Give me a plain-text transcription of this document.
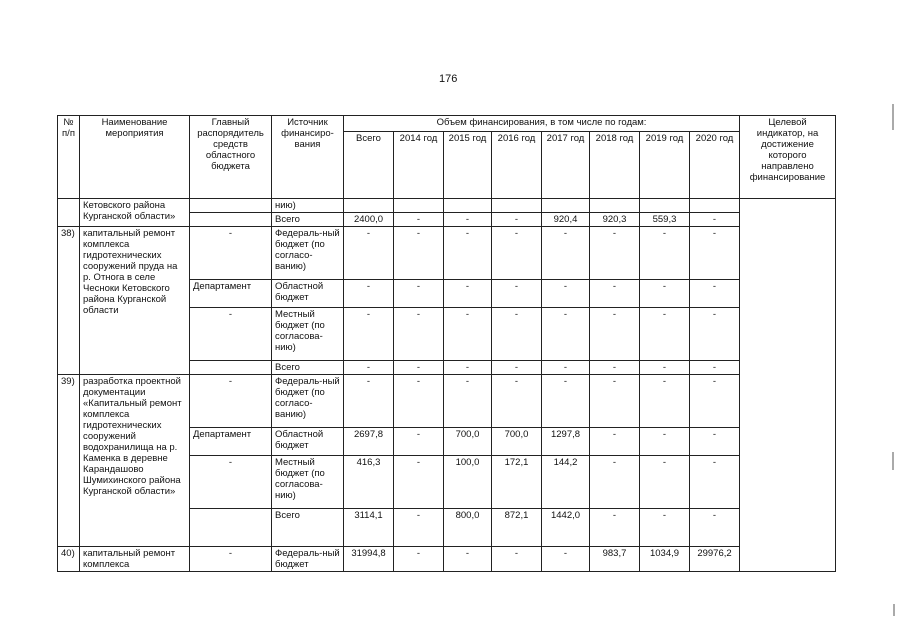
176
№ п/п	Наименование мероприятия	Главный распорядитель средств областного бюджета	Источник финансиро-вания	Объем финансирования, в том числе по годам:								Целевой индикатор, на достижение которого направлено финансирование
				Всего	2014 год	2015 год	2016 год	2017 год	2018 год	2019 год	2020 год	
	Кетовского района Курганской области»		нию)									
			Всего	2400,0	-	-	-	920,4	920,3	559,3	-	
38)	капитальный ремонт комплекса гидротехнических сооружений пруда на р. Отнога в селе Чесноки Кетовского района Курганской области	-	Федераль-ный бюджет (по согласо-ванию)	-	-	-	-	-	-	-	-	
		Департамент	Областной бюджет	-	-	-	-	-	-	-	-	
		-	Местный бюджет (по согласова-нию)	-	-	-	-	-	-	-	-	
			Всего	-	-	-	-	-	-	-	-	
39)	разработка проектной документации «Капитальный ремонт комплекса гидротехнических сооружений водохранилища на р. Каменка в деревне Карандашово Шумихинского района Курганской области»	-	Федераль-ный бюджет (по согласо-ванию)	-	-	-	-	-	-	-	-	
		Департамент	Областной бюджет	2697,8	-	700,0	700,0	1297,8	-	-	-	
		-	Местный бюджет (по согласова-нию)	416,3	-	100,0	172,1	144,2	-	-	-	
			Всего	3114,1	-	800,0	872,1	1442,0	-	-	-	
40)	капитальный ремонт комплекса	-	Федераль-ный бюджет	31994,8	-	-	-	-	983,7	1034,9	29976,2	
